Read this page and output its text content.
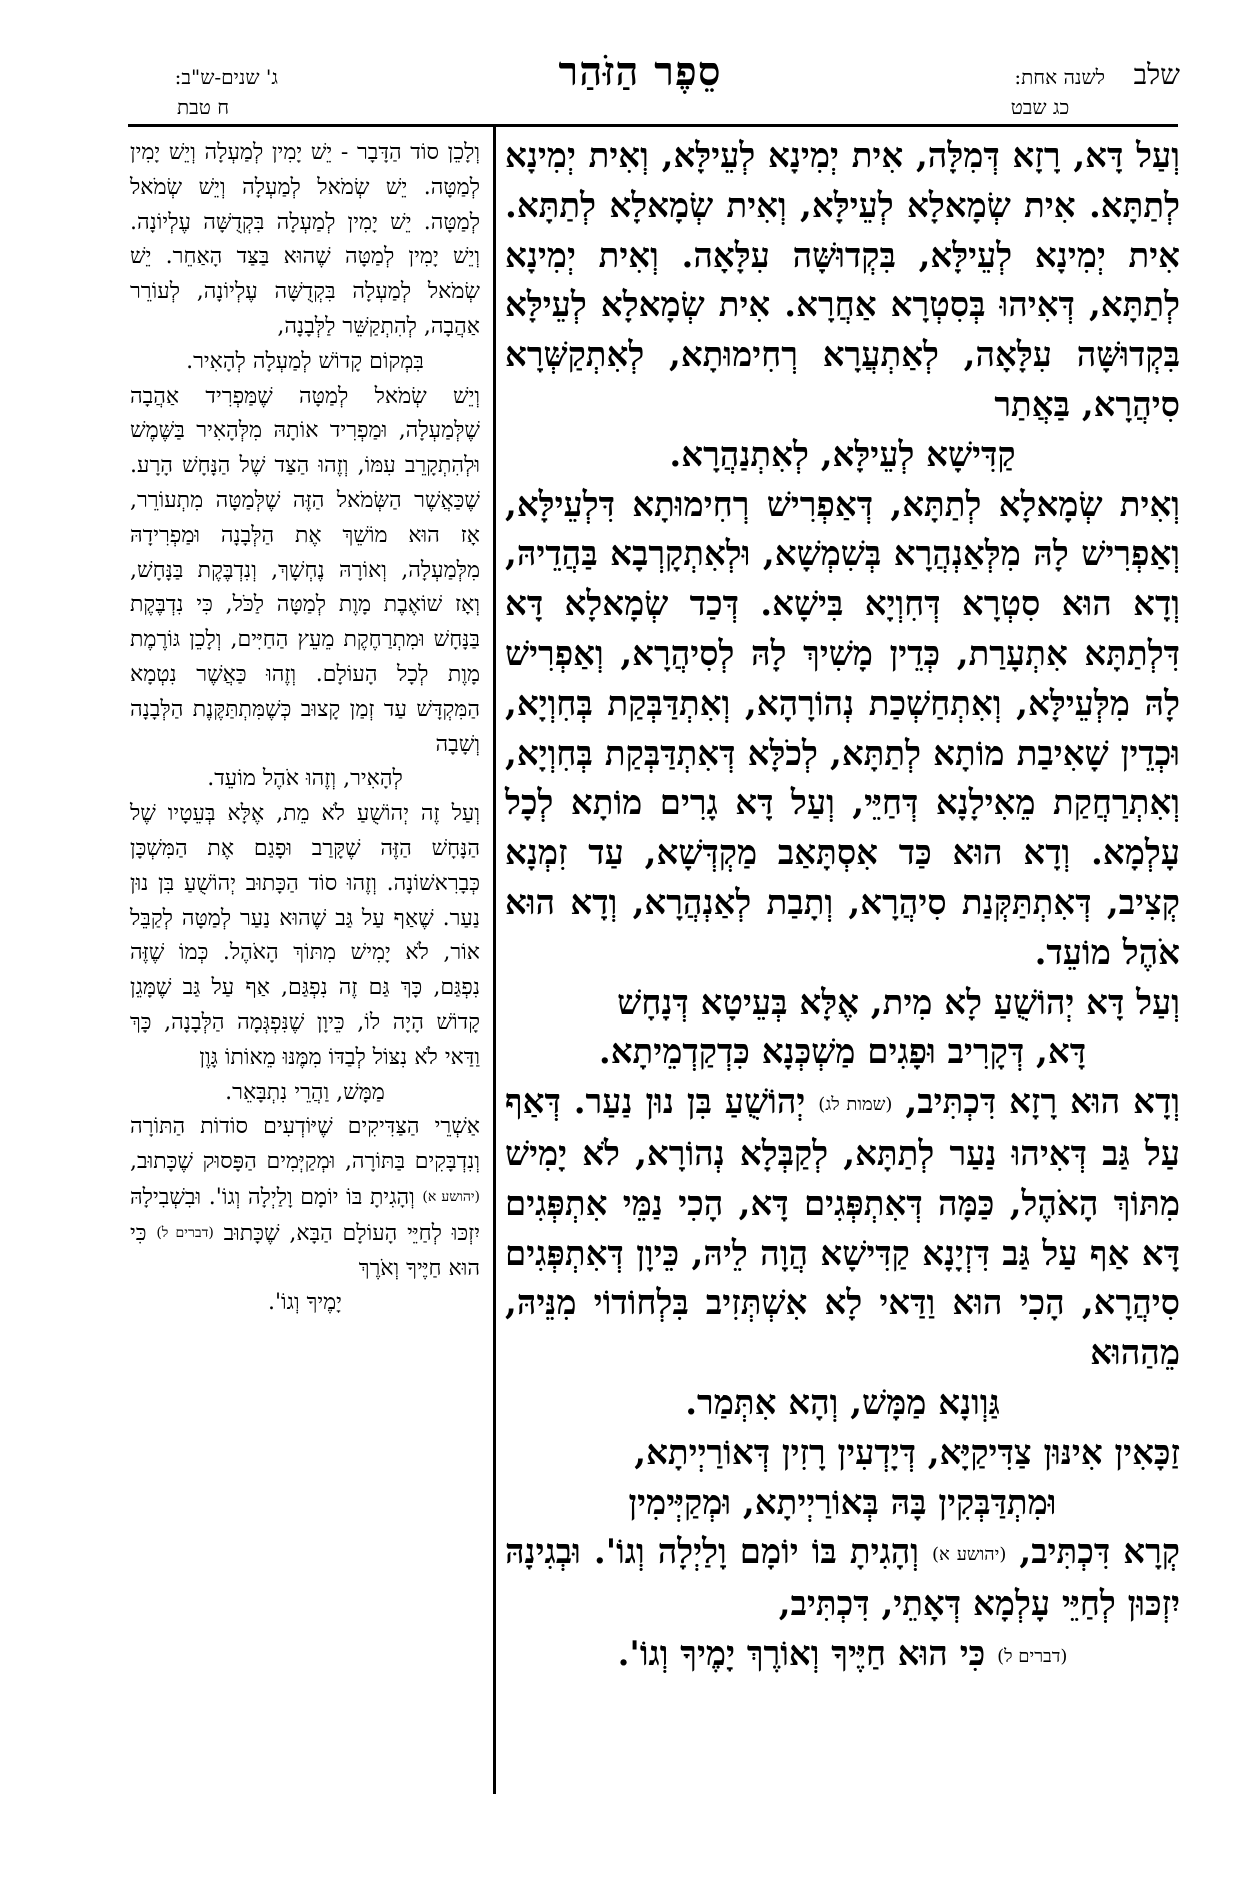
ג' שנים-ש"ב:
ח טבת
סֵפֶר הַזֹּהַר	לשנה אחת:
כג שבט
שלב

וְעַל דָּא, רָזָא דְּמִלָּה, אִית יְמִינָא לְעֵילָּא, וְאִית יְמִינָא לְתַתָּא. אִית שְׂמָאלָא לְעֵילָּא, וְאִית שְׂמָאלָא לְתַתָּא. אִית יְמִינָא לְעֵילָּא, בִּקְדוּשָּׁה עִלָּאָה. וְאִית יְמִינָא לְתַתָּא, דְּאִיהוּ בְּסִטְרָא אַחֲרָא. אִית שְׂמָאלָא לְעֵילָּא בִּקְדוּשָּׁה עִלָּאָה, לְאַתְעֲרָא רְחִימוּתָא, לְאִתְקַשְּׁרָא סִיהֲרָא, בַּאֲתַר

קַדִּישָׁא לְעֵילָּא, לְאִתְנַהֲרָא.

וְאִית שְׂמָאלָא לְתַתָּא, דְּאַפְרִישׁ רְחִימוּתָא דִּלְעֵילָּא, וְאַפְרִישׁ לָהּ מִלְּאַנְהֲרָא בְּשִׁמְשָׁא, וּלְאִתְקָרְבָא בַּהֲדֵיהּ, וְדָא הוּא סִטְרָא דְּחִוְיָא בִּישָׁא. דְּכַד שְׂמָאלָא דָּא דִּלְתַתָּא אִתְעָרַת, כְּדֵין מָשִׁיךְ לָהּ לְסִיהֲרָא, וְאַפְרִישׁ לָהּ מִלְּעֵילָּא, וְאִתְחַשְׁכַת נְהוֹרָהָא, וְאִתְדַּבְּקַת בְּחִוְיָא, וּכְדֵין שָׁאִיבַת מוֹתָא לְתַתָּא, לְכֹלָּא דְּאִתְדַּבְּקַת בְּחִוְיָא, וְאִתְרַחֲקַת מֵאִילָנָא דְּחַיֵּי, וְעַל דָּא גָרִים מוֹתָא לְכָל עָלְמָא. וְדָא הוּא כַּד אִסְתָּאַב מַקְדְּשָׁא, עַד זִמְנָא קְצִיב, דְּאִתְתַּקְּנַת סִיהֲרָא, וְתָבַת לְאַנְהֲרָא, וְדָא הוּא אֹהֶל מוֹעֵד.

וְעַל דָּא יְהוֹשֻׁעַ לָא מִית, אֶלָּא בְּעֵיטָא דְּנָחָשׁ

דָּא, דְּקָרִיב וּפָגִים מַשְׁכְּנָא כִּדְקַדְמֵיתָא.

וְדָא הוּא רָזָא דִּכְתִּיב, (שמות לג) יְהוֹשֻׁעַ בִּן נוּן נַעַר. דְּאַף עַל גַּב דְּאִיהוּ נַעַר לְתַתָּא, לְקַבְּלָא נְהוֹרָא, לֹא יָמִישׁ מִתּוֹךְ הָאֹהֶל, כַּמָּה דְּאִתְפְּגִים דָּא, הָכִי נַמֵּי אִתְפְּגִים דָּא אַף עַל גַּב דִּזְיָנָא קַדִּישָׁא הֲוָה לֵיהּ, כֵּיוָן דְּאִתְפְּגִים סִיהֲרָא, הָכִי הוּא וַדַּאי לָא אִשְׁתְּזִיב בִּלְחוֹדוֹי מִנֵּיהּ, מֵהַהוּא

גַּוְונָא מַמָּשׁ, וְהָא אִתְּמַר.

זַכָּאִין אִינּוּן צַדִּיקַיָּא, דְּיָדְעִין רָזִין דְּאוֹרַיְיתָא,

וּמִתְדַּבְּקִין בָּהּ בְּאוֹרַיְיתָא, וּמְקַיְּימִין

קְרָא דִּכְתִּיב, (יהושע א) וְהָגִיתָ בּוֹ יוֹמָם וָלַיְלָה וְגוֹ'. וּבְגִינָהּ יִזְכּוּן לְחַיֵּי עָלְמָא דְּאָתֵי, דִּכְתִּיב,

(דברים ל) כִּי הוּא חַיֶּיךָ וְאוֹרֶךְ יָמֶיךָ וְגוֹ'.

וְלָכֵן סוֹד הַדָּבָר - יֵשׁ יָמִין לְמַעְלָה וְיֵשׁ יָמִין לְמַטָּה. יֵשׁ שְׂמֹאל לְמַעְלָה וְיֵשׁ שְׂמֹאל לְמַטָּה. יֵשׁ יָמִין לְמַעְלָה בִּקְדֻשָּׁה עֶלְיוֹנָה. וְיֵשׁ יָמִין לְמַטָּה שֶׁהוּא בַּצַּד הָאַחֵר. יֵשׁ שְׂמֹאל לְמַעְלָה בִּקְדֻשָּׁה עֶלְיוֹנָה, לְעוֹרֵר אַהֲבָה, לְהִתְקַשֵּׁר לַלְּבָנָה,

בִּמְקוֹם קָדוֹשׁ לְמַעְלָה לְהָאִיר.

וְיֵשׁ שְׂמֹאל לְמַטָּה שֶׁמַּפְרִיד אַהֲבָה שֶׁלְּמַעְלָה, וּמַפְרִיד אוֹתָהּ מִלְּהָאִיר בַּשֶּׁמֶשׁ וּלְהִתְקָרֵב עִמּוֹ, וְזֶהוּ הַצַּד שֶׁל הַנָּחָשׁ הָרָע. שֶׁכַּאֲשֶׁר הַשְּׂמֹאל הַזֶּה שֶׁלְּמַטָּה מִתְעוֹרֵר, אָז הוּא מוֹשֵׁךְ אֶת הַלְּבָנָה וּמַפְרִידָהּ מִלְּמַעְלָה, וְאוֹרָהּ נֶחְשָׁךְ, וְנִדְבֶּקֶת בַּנָּחָשׁ, וְאָז שׁוֹאֶבֶת מָוֶת לְמַטָּה לַכֹּל, כִּי נִדְבֶּקֶת בַּנָּחָשׁ וּמִתְרַחֶקֶת מֵעֵץ הַחַיִּים, וְלָכֵן גּוֹרֶמֶת מָוֶת לְכָל הָעוֹלָם. וְזֶהוּ כַּאֲשֶׁר נִטְמָא הַמִּקְדָּשׁ עַד זְמַן קָצוּב כְּשֶׁמִּתְתַּקֶּנֶת הַלְּבָנָה וְשָׁבָה

לְהָאִיר, וְזֶהוּ אֹהֶל מוֹעֵד.

וְעַל זֶה יְהוֹשֻׁעַ לֹא מֵת, אֶלָּא בְּעֵטָיו שֶׁל הַנָּחָשׁ הַזֶּה שֶׁקָּרַב וּפָגַם אֶת הַמִּשְׁכָּן כְּבָרִאשׁוֹנָה. וְזֶהוּ סוֹד הַכָּתוּב יְהוֹשֻׁעַ בִּן נוּן נַעַר. שֶׁאַף עַל גַּב שֶׁהוּא נַעַר לְמַטָּה לְקַבֵּל אוֹר, לֹא יָמִישׁ מִתּוֹךְ הָאֹהֶל. כְּמוֹ שֶׁזֶּה נִפְגַּם, כָּךְ גַּם זֶה נִפְגַּם, אַף עַל גַּב שֶׁמָּגֵן קָדוֹשׁ הָיָה לוֹ, כֵּיוָן שֶׁנִּפְגְּמָה הַלְּבָנָה, כָּךְ וַדַּאי לֹא נִצּוֹל לְבַדּוֹ מִמֶּנּוּ מֵאוֹתוֹ גָּוֶן

מַמָּשׁ, וַהֲרֵי נִתְבָּאֵר.

אַשְׁרֵי הַצַּדִּיקִים שֶׁיּוֹדְעִים סוֹדוֹת הַתּוֹרָה וְנִדְבָּקִים בַּתּוֹרָה, וּמְקַיְּמִים הַפָּסוּק שֶׁכָּתוּב, (יהושע א) וְהָגִיתָ בּוֹ יוֹמָם וָלַיְלָה וְגוֹ'. וּבִשְׁבִילָהּ יִזְכּוּ לְחַיֵּי הָעוֹלָם הַבָּא, שֶׁכָּתוּב (דברים ל) כִּי הוּא חַיֶּיךָ וְאֹרֶךְ

יָמֶיךָ וְגוֹ'.
